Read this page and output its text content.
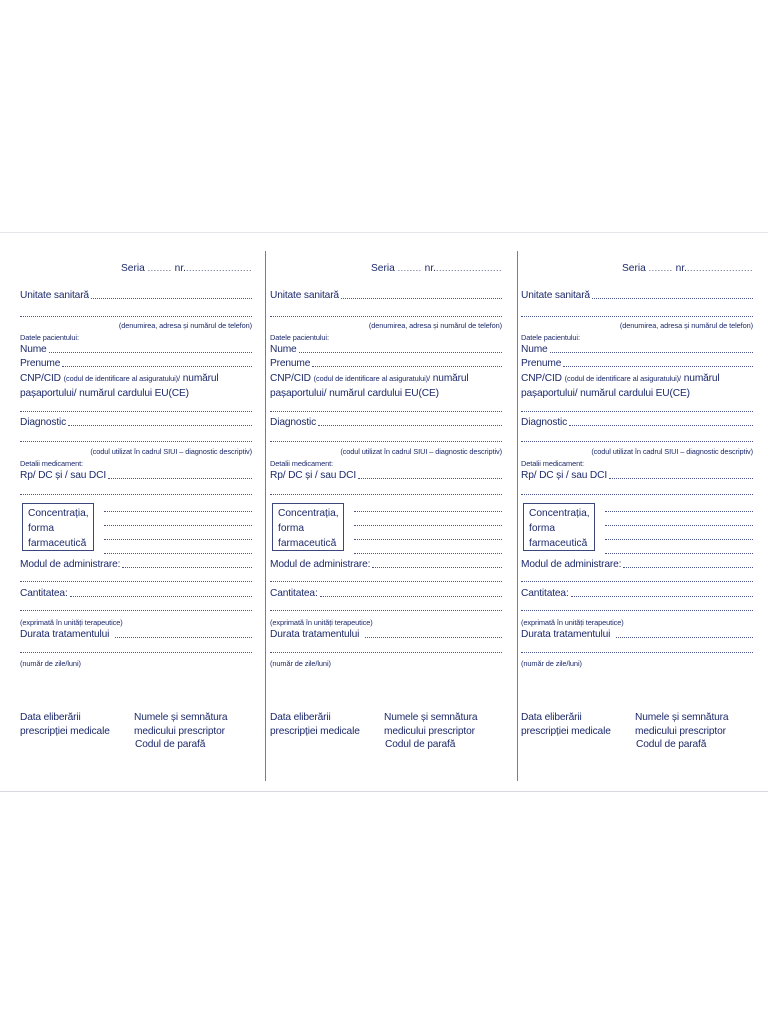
Seria ........ nr.......................
Unitate sanitară
(denumirea, adresa și numărul de telefon)
Datele pacientului:
Nume
Prenume
CNP/CID (codul de identificare al asiguratului)/ numărul
pașaportului/ numărul cardului EU(CE)
Diagnostic
(codul utilizat în cadrul SIUI – diagnostic descriptiv)
Detalii medicament:
Rp/ DC și / sau DCI
Concentrația,
forma
farmaceutică
Modul de administrare:
Cantitatea:
(exprimată în unități terapeutice)
Durata tratamentului
(număr de zile/luni)
Data eliberării
prescripției medicale
Numele și semnătura
medicului prescriptor
Codul de parafă
Seria ........ nr.......................
Unitate sanitară
(denumirea, adresa și numărul de telefon)
Datele pacientului:
Nume
Prenume
CNP/CID (codul de identificare al asiguratului)/ numărul
pașaportului/ numărul cardului EU(CE)
Diagnostic
(codul utilizat în cadrul SIUI – diagnostic descriptiv)
Detalii medicament:
Rp/ DC și / sau DCI
Concentrația,
forma
farmaceutică
Modul de administrare:
Cantitatea:
(exprimată în unități terapeutice)
Durata tratamentului
(număr de zile/luni)
Data eliberării
prescripției medicale
Numele și semnătura
medicului prescriptor
Codul de parafă
Seria ........ nr.......................
Unitate sanitară
(denumirea, adresa și numărul de telefon)
Datele pacientului:
Nume
Prenume
CNP/CID (codul de identificare al asiguratului)/ numărul
pașaportului/ numărul cardului EU(CE)
Diagnostic
(codul utilizat în cadrul SIUI – diagnostic descriptiv)
Detalii medicament:
Rp/ DC și / sau DCI
Concentrația,
forma
farmaceutică
Modul de administrare:
Cantitatea:
(exprimată în unități terapeutice)
Durata tratamentului
(număr de zile/luni)
Data eliberării
prescripției medicale
Numele și semnătura
medicului prescriptor
Codul de parafă
